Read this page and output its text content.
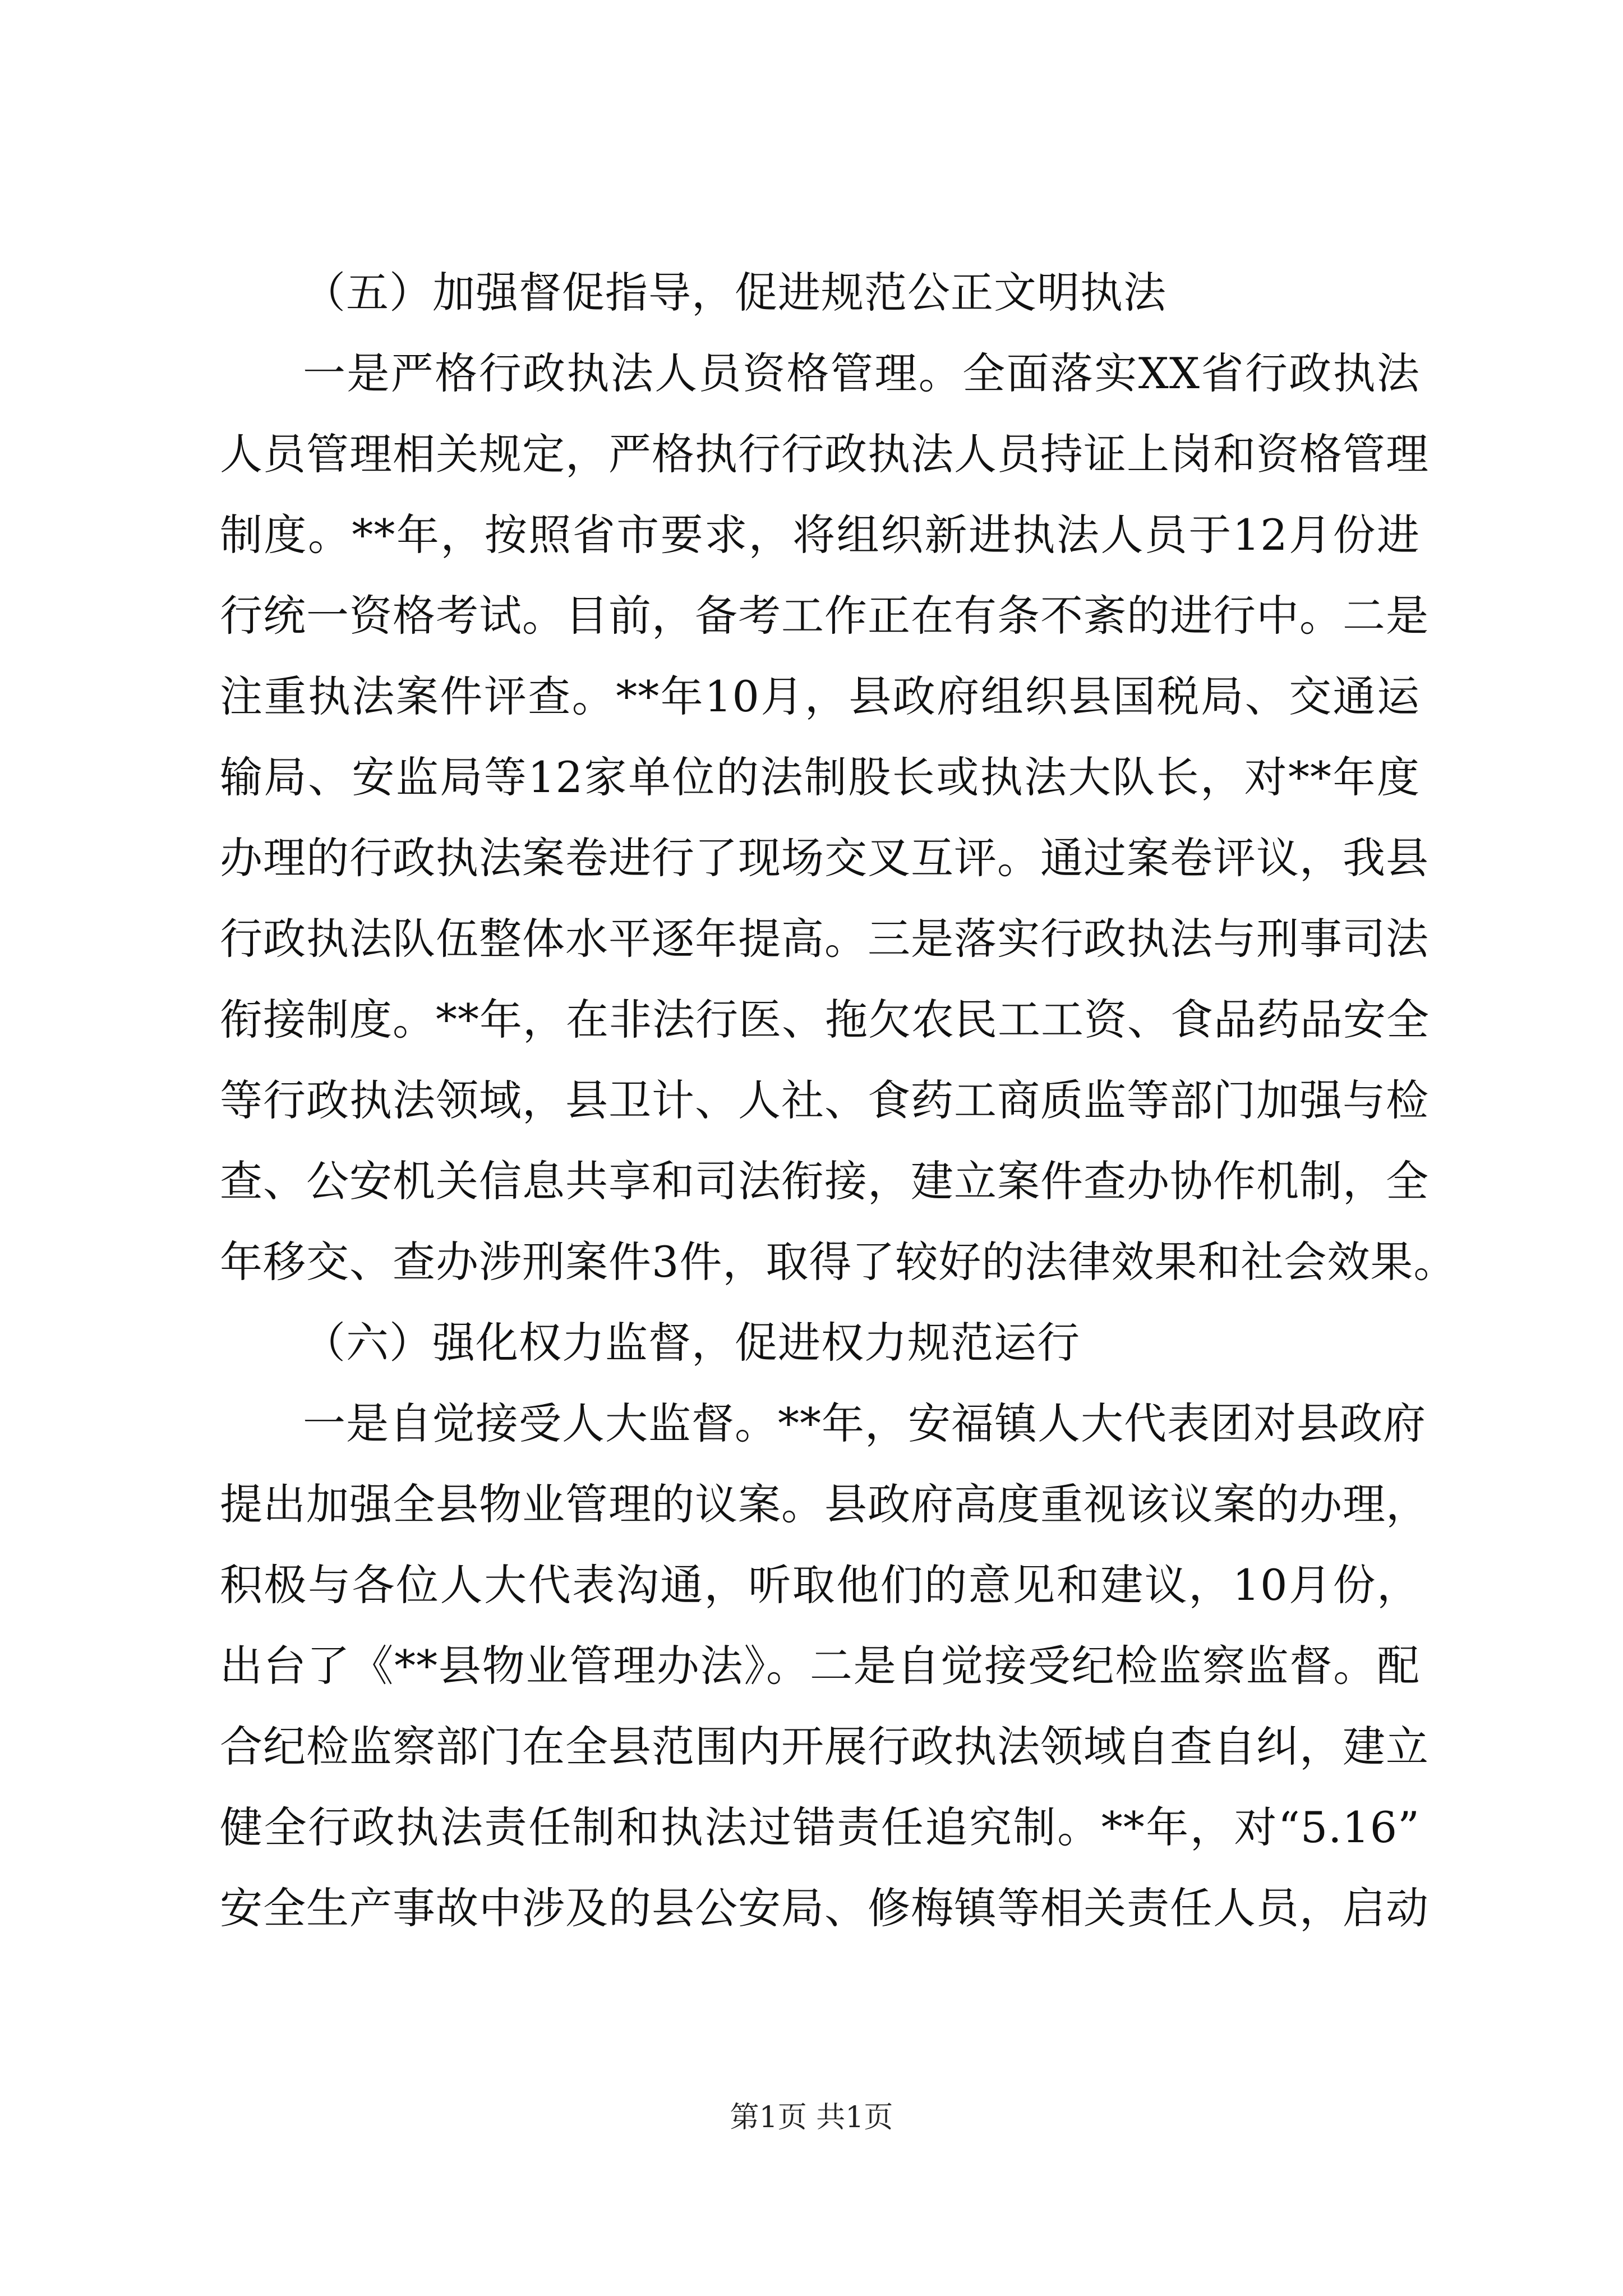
（五）加强督促指导，促进规范公正文明执法
一是严格行政执法人员资格管理。全面落实XX省行政执法
人员管理相关规定，严格执行行政执法人员持证上岗和资格管理
制度。**年，按照省市要求，将组织新进执法人员于12月份进
行统一资格考试。目前，备考工作正在有条不紊的进行中。二是
注重执法案件评查。**年10月，县政府组织县国税局、交通运
输局、安监局等12家单位的法制股长或执法大队长，对**年度
办理的行政执法案卷进行了现场交叉互评。通过案卷评议，我县
行政执法队伍整体水平逐年提高。三是落实行政执法与刑事司法
衔接制度。**年，在非法行医、拖欠农民工工资、食品药品安全
等行政执法领域，县卫计、人社、食药工商质监等部门加强与检
查、公安机关信息共享和司法衔接，建立案件查办协作机制，全
年移交、查办涉刑案件3件，取得了较好的法律效果和社会效果。
（六）强化权力监督，促进权力规范运行
一是自觉接受人大监督。**年，安福镇人大代表团对县政府
提出加强全县物业管理的议案。县政府高度重视该议案的办理，
积极与各位人大代表沟通，听取他们的意见和建议，10月份，
出台了《**县物业管理办法》。二是自觉接受纪检监察监督。配
合纪检监察部门在全县范围内开展行政执法领域自查自纠，建立
健全行政执法责任制和执法过错责任追究制。**年，对“5.16”
安全生产事故中涉及的县公安局、修梅镇等相关责任人员，启动
第1页 共1页
